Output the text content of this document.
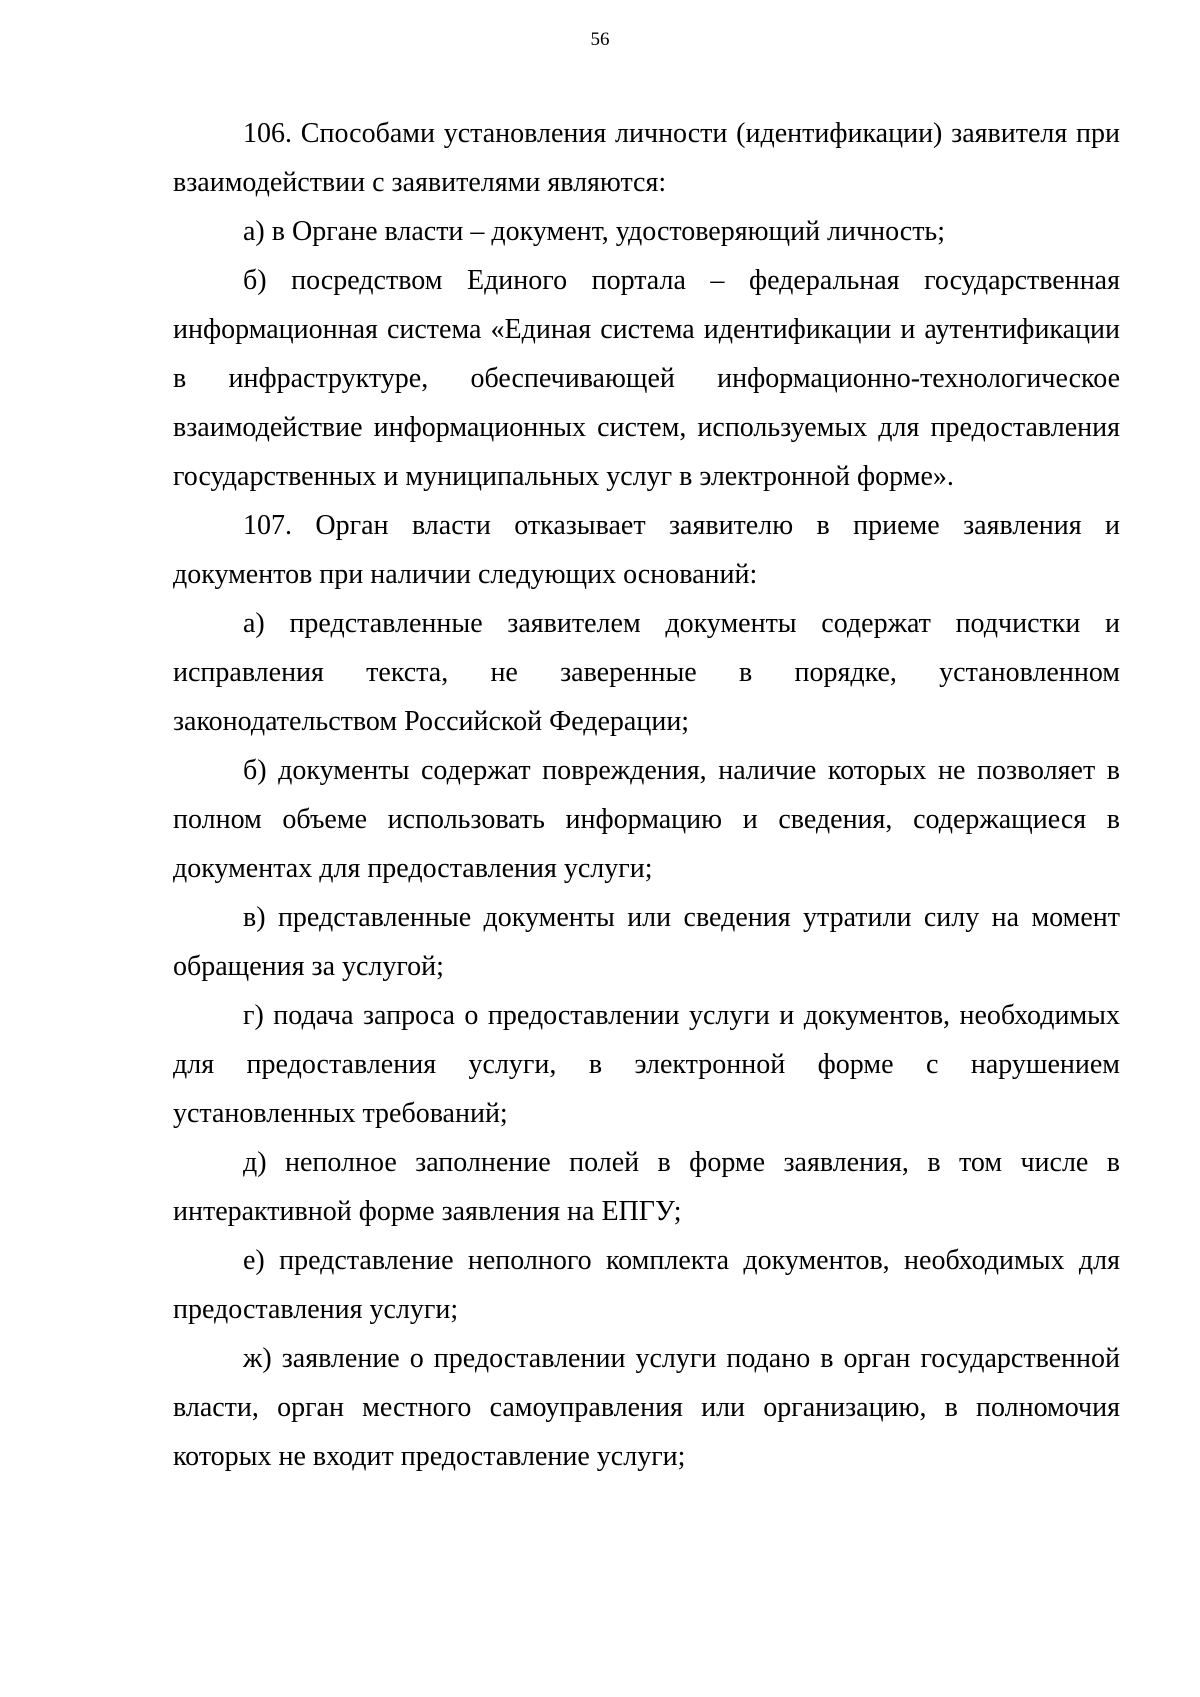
56

106. Способами установления личности (идентификации) заявителя при взаимодействии с заявителями являются:

а) в Органе власти – документ, удостоверяющий личность;

б) посредством Единого портала – федеральная государственная информационная система «Единая система идентификации и аутентификации в инфраструктуре, обеспечивающей информационно-технологическое взаимодействие информационных систем, используемых для предоставления государственных и муниципальных услуг в электронной форме».

107. Орган власти отказывает заявителю в приеме заявления и документов при наличии следующих оснований:

а) представленные заявителем документы содержат подчистки и исправления текста, не заверенные в порядке, установленном законодательством Российской Федерации;

б) документы содержат повреждения, наличие которых не позволяет в полном объеме использовать информацию и сведения, содержащиеся в документах для предоставления услуги;

в) представленные документы или сведения утратили силу на момент обращения за услугой;

г) подача запроса о предоставлении услуги и документов, необходимых для предоставления услуги, в электронной форме с нарушением установленных требований;

д) неполное заполнение полей в форме заявления, в том числе в интерактивной форме заявления на ЕПГУ;

е) представление неполного комплекта документов, необходимых для предоставления услуги;

ж) заявление о предоставлении услуги подано в орган государственной власти, орган местного самоуправления или организацию, в полномочия которых не входит предоставление услуги;
